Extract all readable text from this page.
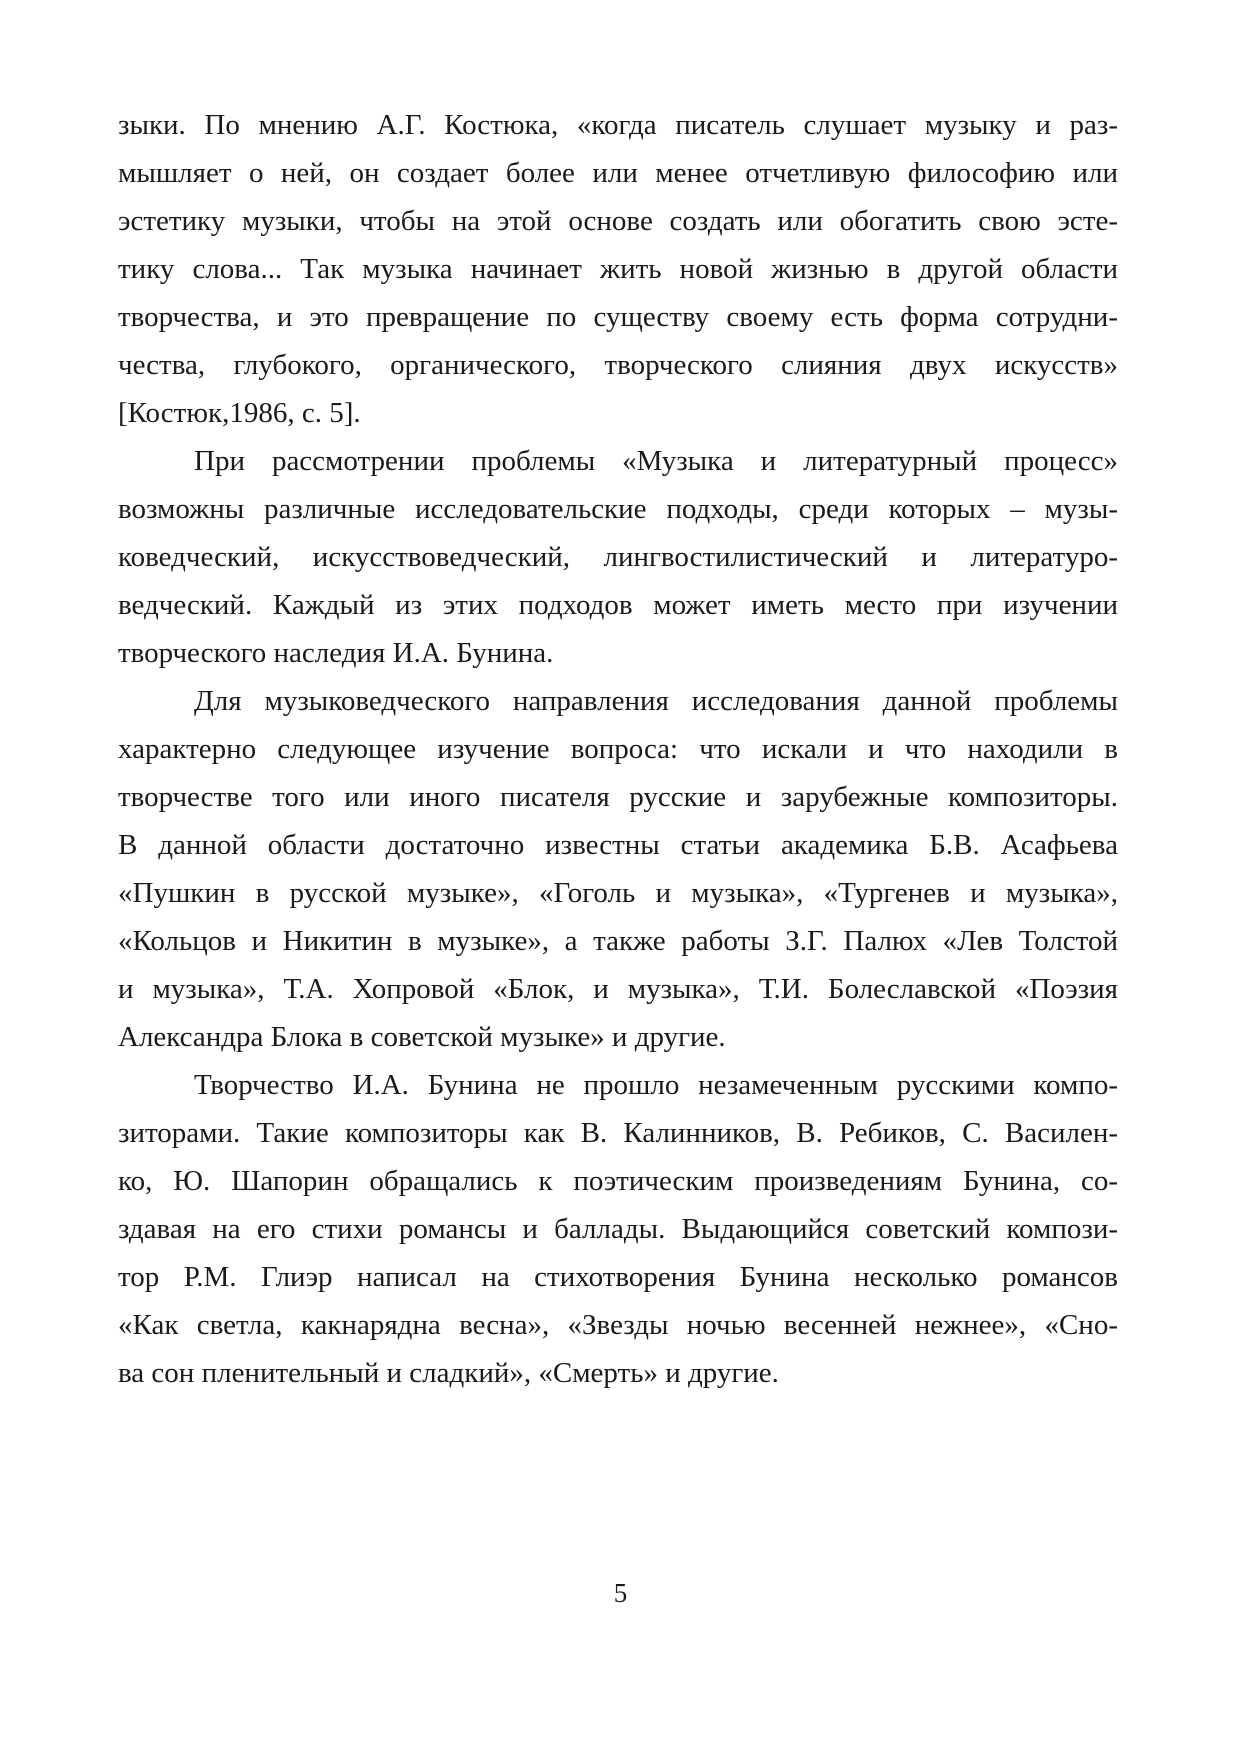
зыки. По мнению А.Г. Костюка, «когда писатель слушает музыку и раз-
мышляет о ней, он создает более или менее отчетливую философию или
эстетику музыки, чтобы на этой основе создать или обогатить свою эсте-
тику слова... Так музыка начинает жить новой жизнью в другой области
творчества, и это превращение по существу своему есть форма сотрудни-
чества, глубокого, органического, творческого слияния двух искусств»
[Костюк,1986, с. 5].
При рассмотрении проблемы «Музыка и литературный процесс»
возможны различные исследовательские подходы, среди которых – музы-
коведческий, искусствоведческий, лингвостилистический и литературо-
ведческий. Каждый из этих подходов может иметь место при изучении
творческого наследия И.А. Бунина.
Для музыковедческого направления исследования данной проблемы
характерно следующее изучение вопроса: что искали и что находили в
творчестве того или иного писателя русские и зарубежные композиторы.
В данной области достаточно известны статьи академика Б.В. Асафьева
«Пушкин в русской музыке», «Гоголь и музыка», «Тургенев и музыка»,
«Кольцов и Никитин в музыке», а также работы З.Г. Палюх «Лев Толстой
и музыка», Т.А. Хопровой «Блок, и музыка», Т.И. Болеславской «Поэзия
Александра Блока в советской музыке» и другие.
Творчество И.А. Бунина не прошло незамеченным русскими компо-
зиторами. Такие композиторы как В. Калинников, В. Ребиков, С. Василен-
ко, Ю. Шапорин обращались к поэтическим произведениям Бунина, со-
здавая на его стихи романсы и баллады. Выдающийся советский компози-
тор Р.М. Глиэр написал на стихотворения Бунина несколько романсов
«Как светла, какнарядна весна», «Звезды ночью весенней нежнее», «Сно-
ва сон пленительный и сладкий», «Смерть» и другие.
5
